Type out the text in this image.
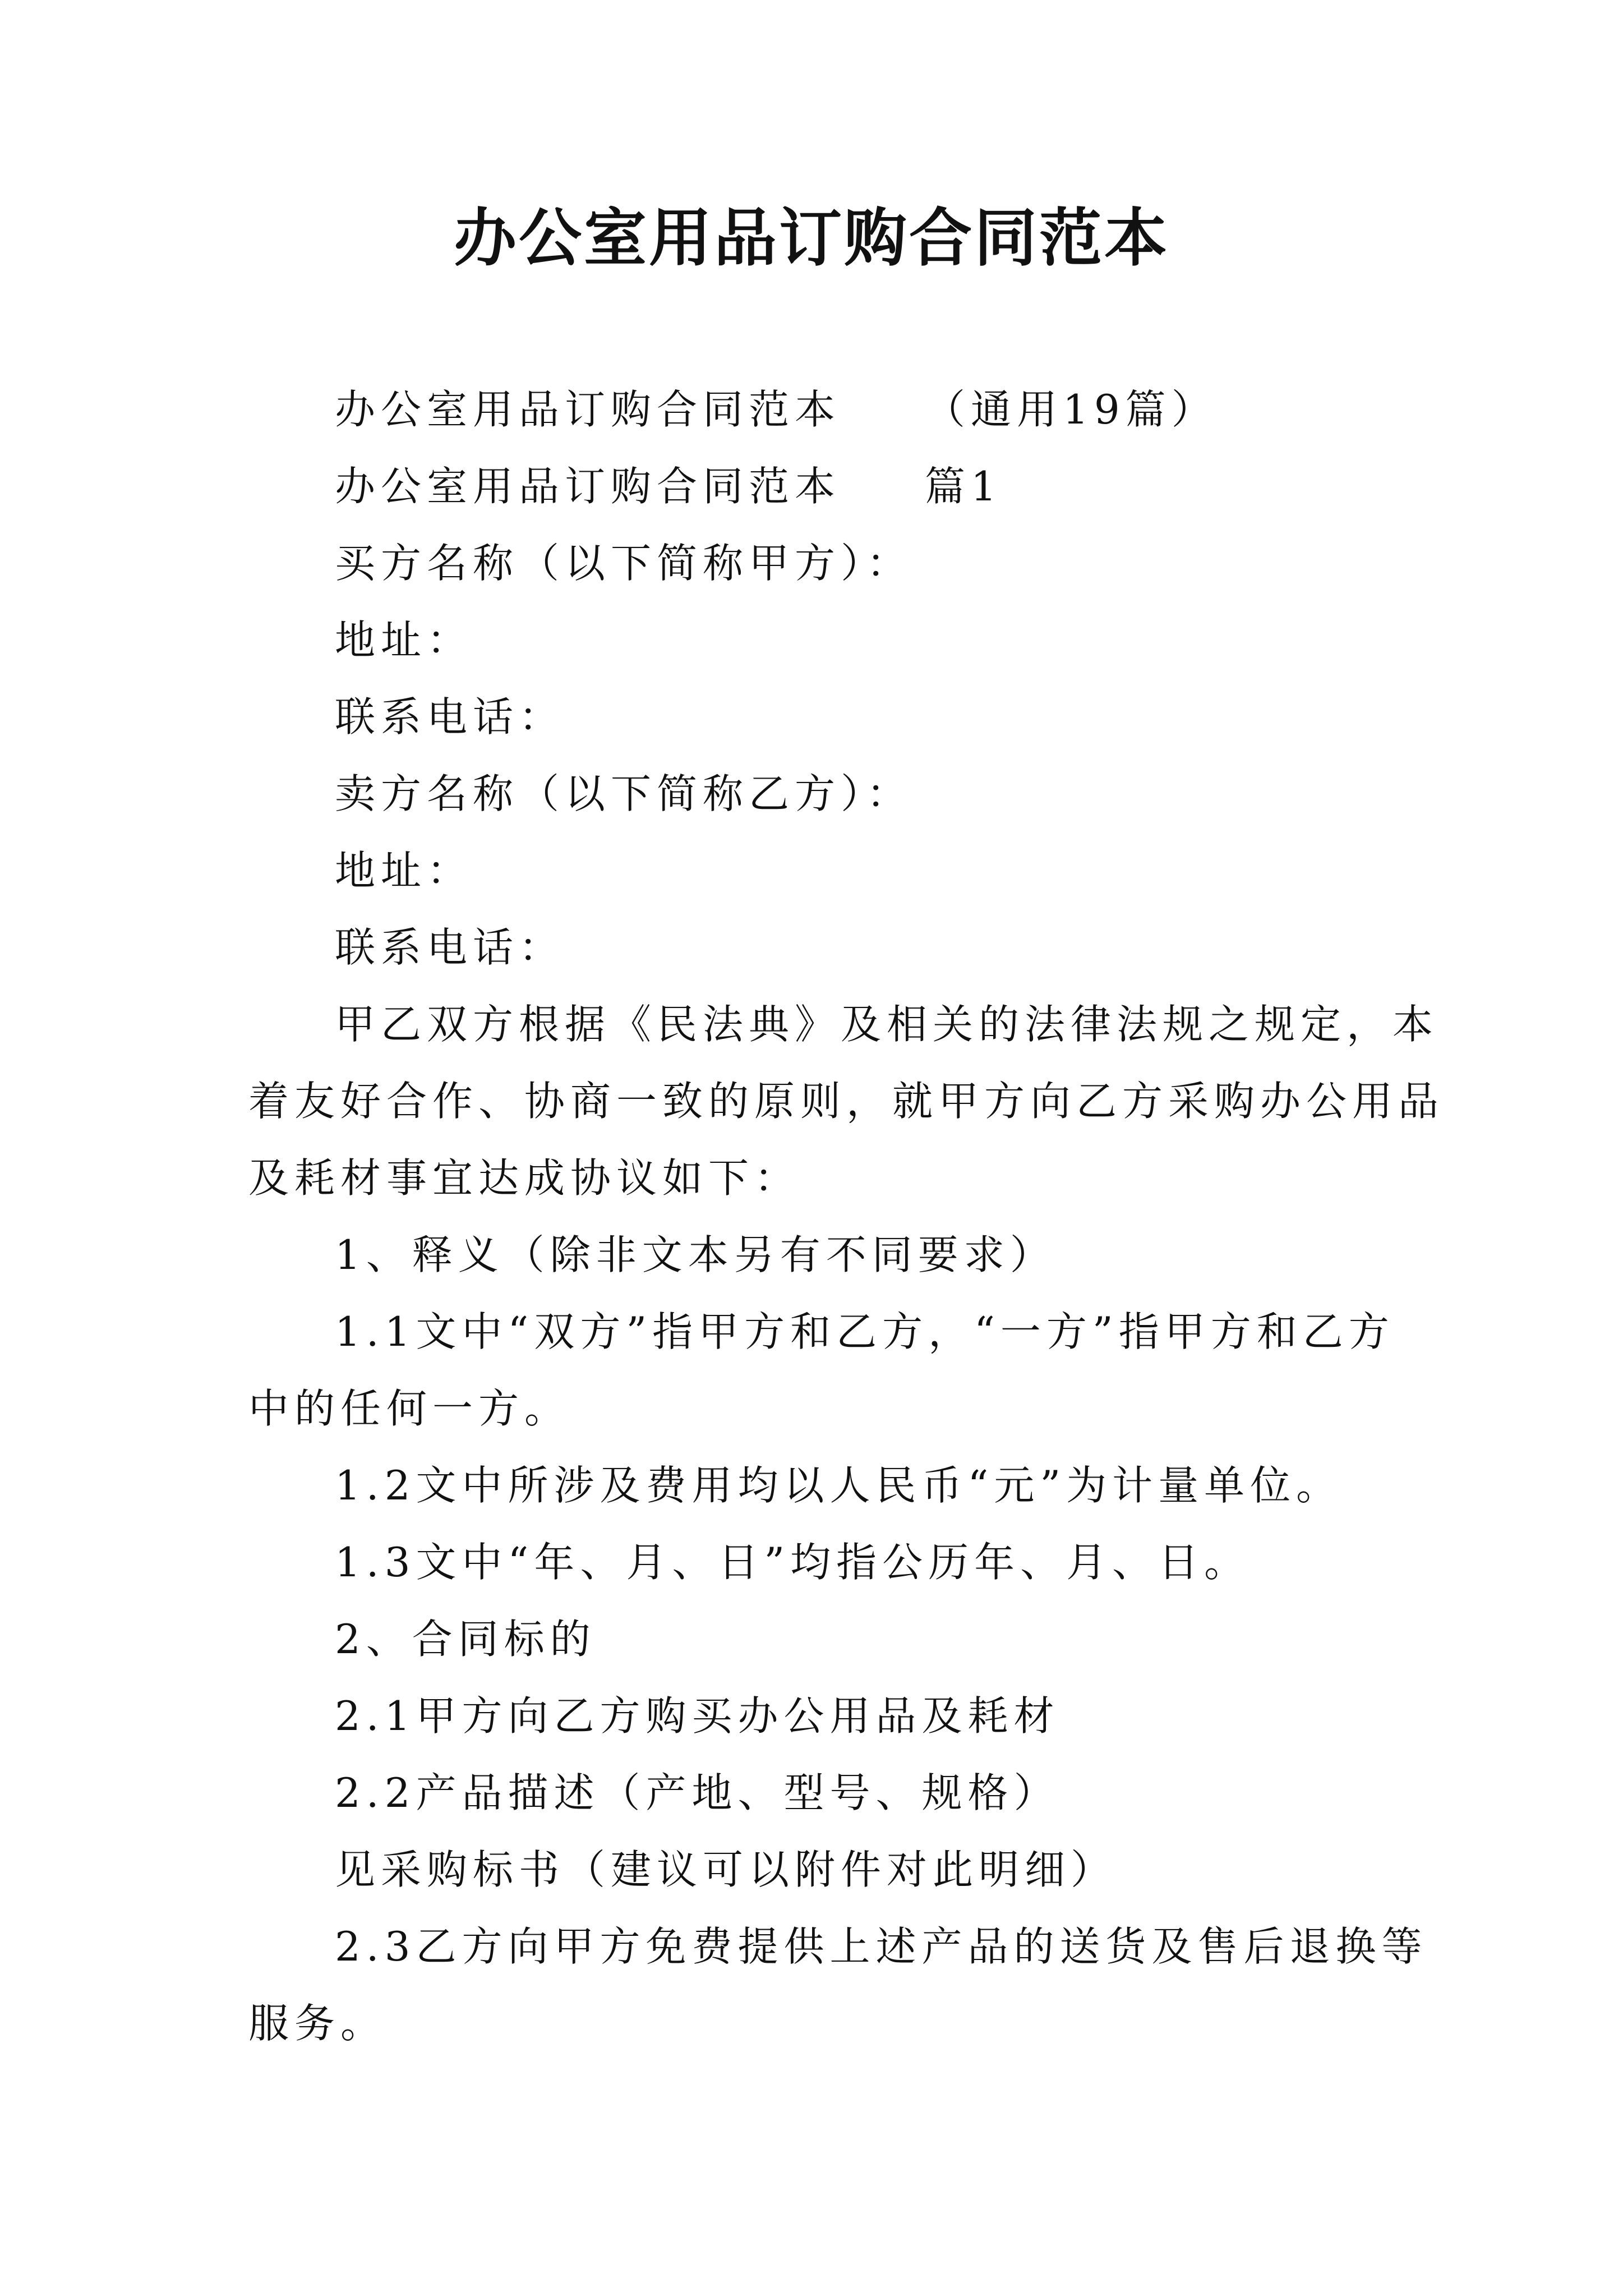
办公室用品订购合同范本
办公室用品订购合同范本 （通用19篇）
办公室用品订购合同范本 篇1
买方名称（以下简称甲方）：
地址：
联系电话：
卖方名称（以下简称乙方）：
地址：
联系电话：
甲乙双方根据《民法典》及相关的法律法规之规定，本
着友好合作、协商一致的原则，就甲方向乙方采购办公用品
及耗材事宜达成协议如下：
1、释义（除非文本另有不同要求）
1.1文中“双方”指甲方和乙方，“一方”指甲方和乙方
中的任何一方。
1.2文中所涉及费用均以人民币“元”为计量单位。
1.3文中“年、月、日”均指公历年、月、日。
2、合同标的
2.1甲方向乙方购买办公用品及耗材
2.2产品描述（产地、型号、规格）
见采购标书（建议可以附件对此明细）
2.3乙方向甲方免费提供上述产品的送货及售后退换等
服务。
